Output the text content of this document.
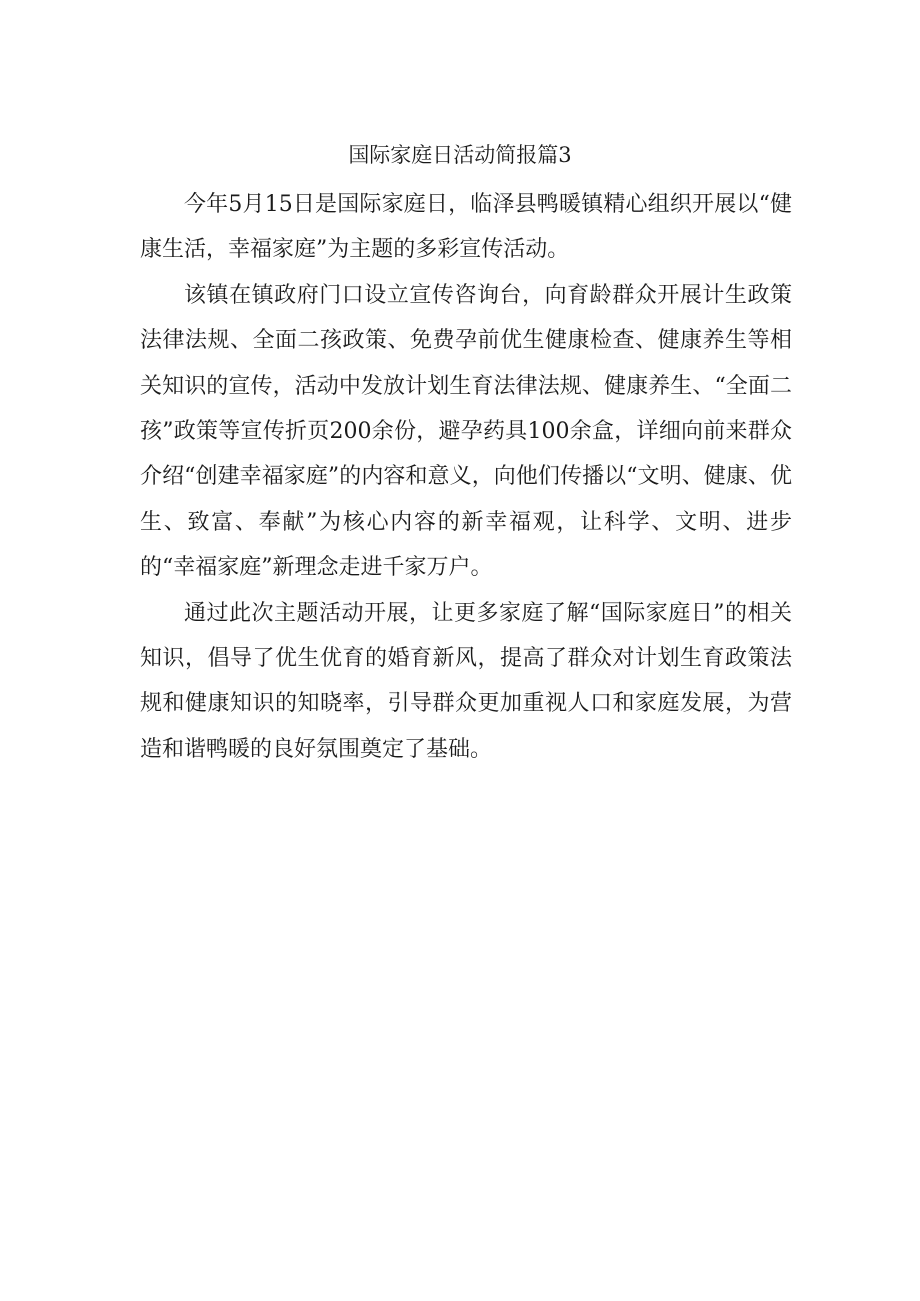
国际家庭日活动简报篇3

今年5月15日是国际家庭日，临泽县鸭暖镇精心组织开展以“健康生活，幸福家庭”为主题的多彩宣传活动。

该镇在镇政府门口设立宣传咨询台，向育龄群众开展计生政策法律法规、全面二孩政策、免费孕前优生健康检查、健康养生等相关知识的宣传，活动中发放计划生育法律法规、健康养生、“全面二孩”政策等宣传折页200余份，避孕药具100余盒，详细向前来群众介绍“创建幸福家庭”的内容和意义，向他们传播以“文明、健康、优生、致富、奉献”为核心内容的新幸福观，让科学、文明、进步的“幸福家庭”新理念走进千家万户。

通过此次主题活动开展，让更多家庭了解“国际家庭日”的相关知识，倡导了优生优育的婚育新风，提高了群众对计划生育政策法规和健康知识的知晓率，引导群众更加重视人口和家庭发展，为营造和谐鸭暖的良好氛围奠定了基础。
